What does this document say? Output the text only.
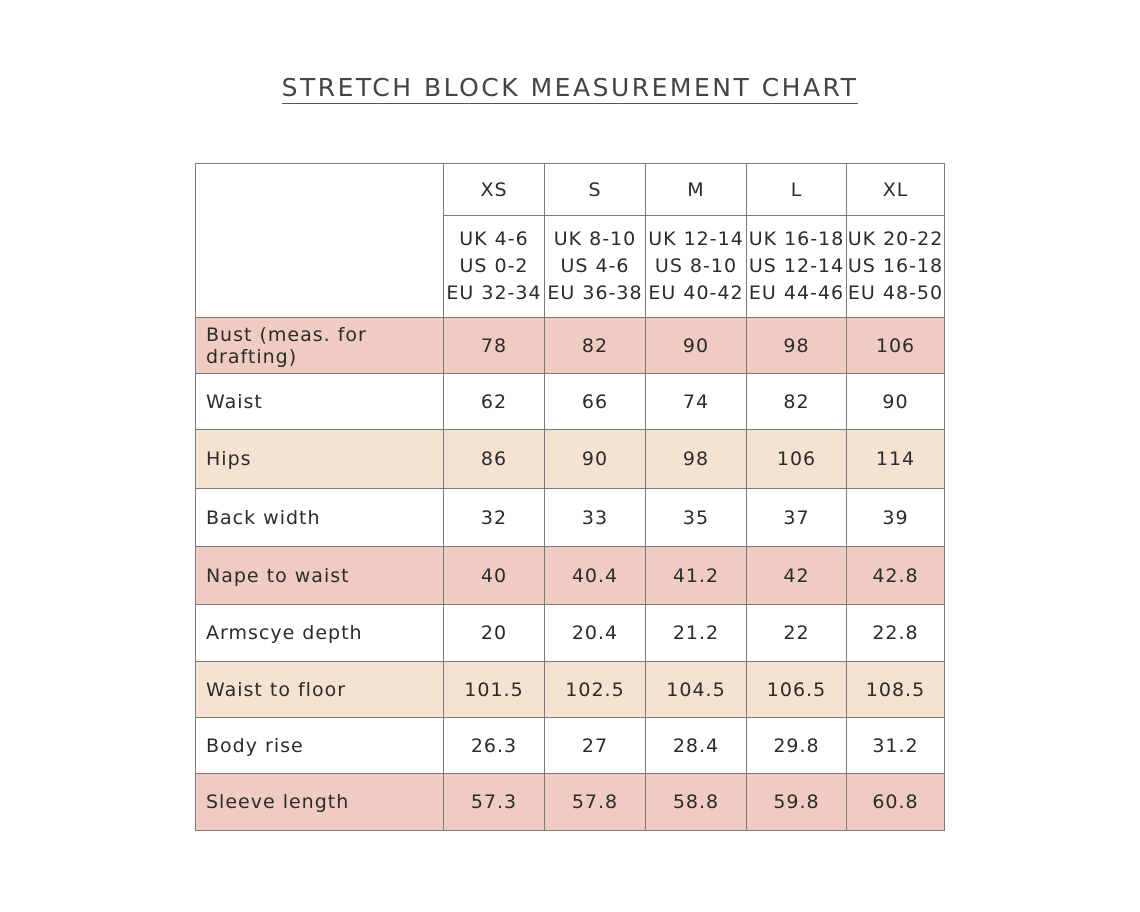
STRETCH BLOCK MEASUREMENT CHART
	XS	S	M	L	XL

	UK 4-6
US 0-2
EU 32-34	UK 8-10
US 4-6
EU 36-38	UK 12-14
US 8-10
EU 40-42	UK 16-18
US 12-14
EU 44-46	UK 20-22
US 16-18
EU 48-50

Bust (meas. for drafting)	78	82	90	98	106
Waist	62	66	74	82	90
Hips	86	90	98	106	114
Back width	32	33	35	37	39
Nape to waist	40	40.4	41.2	42	42.8
Armscye depth	20	20.4	21.2	22	22.8
Waist to floor	101.5	102.5	104.5	106.5	108.5
Body rise	26.3	27	28.4	29.8	31.2
Sleeve length	57.3	57.8	58.8	59.8	60.8
